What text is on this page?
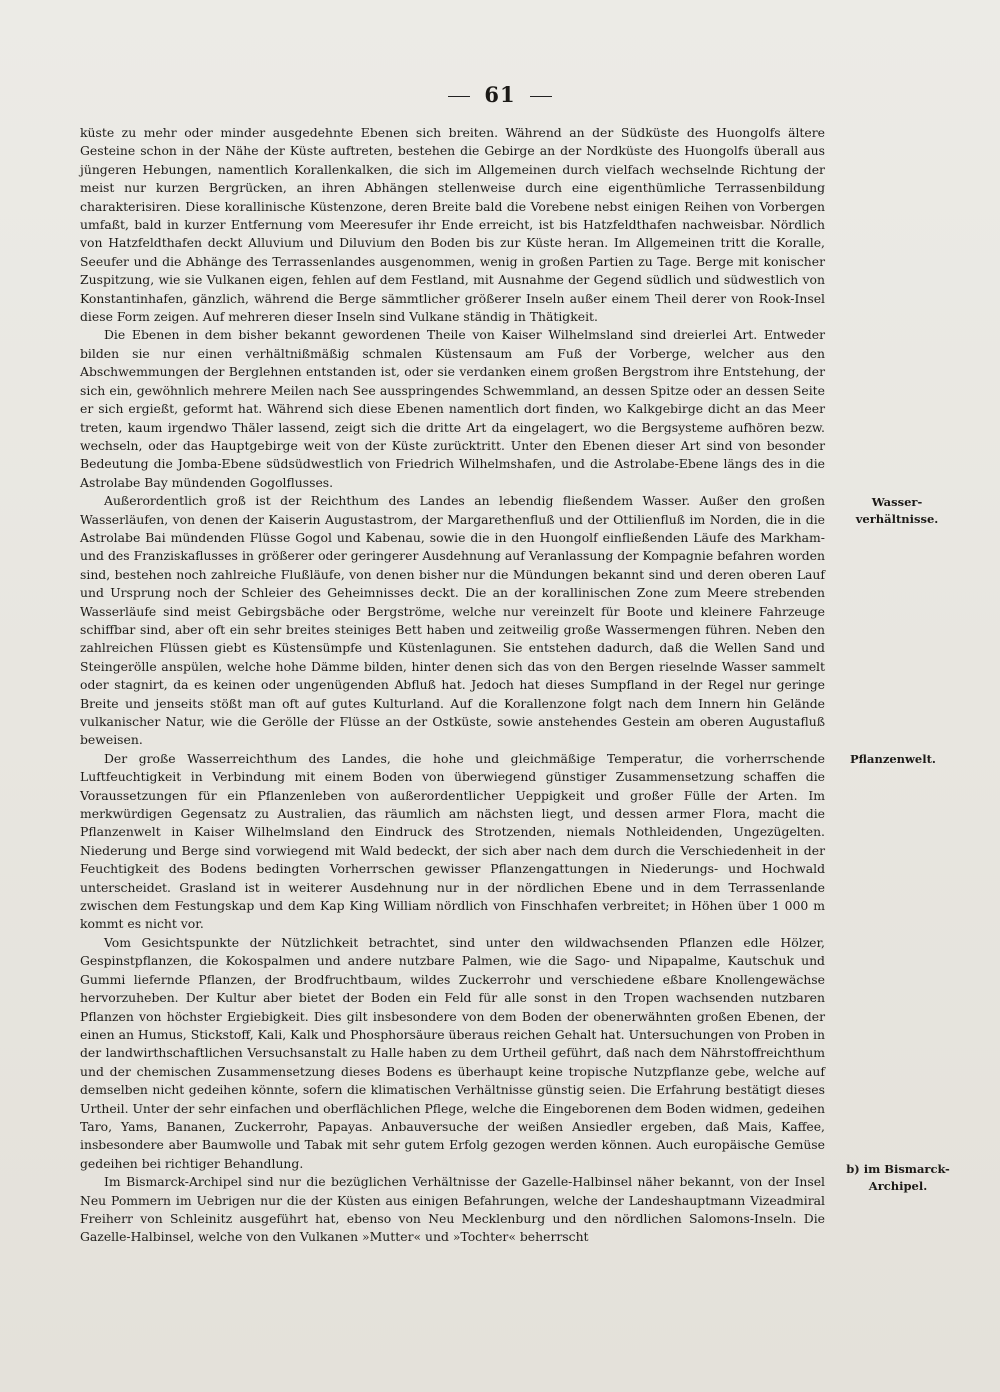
61

küste zu mehr oder minder ausgedehnte Ebenen sich breiten. Während an der Südküste des Huongolfs ältere Gesteine schon in der Nähe der Küste auftreten, bestehen die Gebirge an der Nordküste des Huongolfs überall aus jüngeren Hebungen, namentlich Korallenkalken, die sich im Allgemeinen durch vielfach wechselnde Richtung der meist nur kurzen Bergrücken, an ihren Abhängen stellenweise durch eine eigenthümliche Terrassenbildung charakterisiren. Diese korallinische Küstenzone, deren Breite bald die Vorebene nebst einigen Reihen von Vorbergen umfaßt, bald in kurzer Entfernung vom Meeresufer ihr Ende erreicht, ist bis Hatzfeldthafen nachweisbar. Nördlich von Hatzfeldthafen deckt Alluvium und Diluvium den Boden bis zur Küste heran. Im Allgemeinen tritt die Koralle, Seeufer und die Abhänge des Terrassenlandes ausgenommen, wenig in großen Partien zu Tage. Berge mit konischer Zuspitzung, wie sie Vulkanen eigen, fehlen auf dem Festland, mit Ausnahme der Gegend südlich und südwestlich von Konstantinhafen, gänzlich, während die Berge sämmtlicher größerer Inseln außer einem Theil derer von Rook-Insel diese Form zeigen. Auf mehreren dieser Inseln sind Vulkane ständig in Thätigkeit.

Die Ebenen in dem bisher bekannt gewordenen Theile von Kaiser Wilhelmsland sind dreierlei Art. Entweder bilden sie nur einen verhältnißmäßig schmalen Küstensaum am Fuß der Vorberge, welcher aus den Abschwemmungen der Berglehnen entstanden ist, oder sie verdanken einem großen Bergstrom ihre Entstehung, der sich ein, gewöhnlich mehrere Meilen nach See ausspringendes Schwemmland, an dessen Spitze oder an dessen Seite er sich ergießt, geformt hat. Während sich diese Ebenen namentlich dort finden, wo Kalkgebirge dicht an das Meer treten, kaum irgendwo Thäler lassend, zeigt sich die dritte Art da eingelagert, wo die Bergsysteme aufhören bezw. wechseln, oder das Hauptgebirge weit von der Küste zurücktritt. Unter den Ebenen dieser Art sind von besonder Bedeutung die Jomba-Ebene südsüdwestlich von Friedrich Wilhelmshafen, und die Astrolabe-Ebene längs des in die Astrolabe Bay mündenden Gogolflusses.

Außerordentlich groß ist der Reichthum des Landes an lebendig fließendem Wasser. Außer den großen Wasserläufen, von denen der Kaiserin Augustastrom, der Margarethenfluß und der Ottilienfluß im Norden, die in die Astrolabe Bai mündenden Flüsse Gogol und Kabenau, sowie die in den Huongolf einfließenden Läufe des Markham- und des Franziskaflusses in größerer oder geringerer Ausdehnung auf Veranlassung der Kompagnie befahren worden sind, bestehen noch zahlreiche Flußläufe, von denen bisher nur die Mündungen bekannt sind und deren oberen Lauf und Ursprung noch der Schleier des Geheimnisses deckt. Die an der korallinischen Zone zum Meere strebenden Wasserläufe sind meist Gebirgsbäche oder Bergströme, welche nur vereinzelt für Boote und kleinere Fahrzeuge schiffbar sind, aber oft ein sehr breites steiniges Bett haben und zeitweilig große Wassermengen führen. Neben den zahlreichen Flüssen giebt es Küstensümpfe und Küstenlagunen. Sie entstehen dadurch, daß die Wellen Sand und Steingerölle anspülen, welche hohe Dämme bilden, hinter denen sich das von den Bergen rieselnde Wasser sammelt oder stagnirt, da es keinen oder ungenügenden Abfluß hat. Jedoch hat dieses Sumpfland in der Regel nur geringe Breite und jenseits stößt man oft auf gutes Kulturland. Auf die Korallenzone folgt nach dem Innern hin Gelände vulkanischer Natur, wie die Gerölle der Flüsse an der Ostküste, sowie anstehendes Gestein am oberen Augustafluß beweisen.

Der große Wasserreichthum des Landes, die hohe und gleichmäßige Temperatur, die vorherrschende Luftfeuchtigkeit in Verbindung mit einem Boden von überwiegend günstiger Zusammensetzung schaffen die Voraussetzungen für ein Pflanzenleben von außerordentlicher Ueppigkeit und großer Fülle der Arten. Im merkwürdigen Gegensatz zu Australien, das räumlich am nächsten liegt, und dessen armer Flora, macht die Pflanzenwelt in Kaiser Wilhelmsland den Eindruck des Strotzenden, niemals Nothleidenden, Ungezügelten. Niederung und Berge sind vorwiegend mit Wald bedeckt, der sich aber nach dem durch die Verschiedenheit in der Feuchtigkeit des Bodens bedingten Vorherrschen gewisser Pflanzengattungen in Niederungs- und Hochwald unterscheidet. Grasland ist in weiterer Ausdehnung nur in der nördlichen Ebene und in dem Terrassenlande zwischen dem Festungskap und dem Kap King William nördlich von Finschhafen verbreitet; in Höhen über 1 000 m kommt es nicht vor.

Vom Gesichtspunkte der Nützlichkeit betrachtet, sind unter den wildwachsenden Pflanzen edle Hölzer, Gespinstpflanzen, die Kokospalmen und andere nutzbare Palmen, wie die Sago- und Nipapalme, Kautschuk und Gummi liefernde Pflanzen, der Brodfruchtbaum, wildes Zuckerrohr und verschiedene eßbare Knollengewächse hervorzuheben. Der Kultur aber bietet der Boden ein Feld für alle sonst in den Tropen wachsenden nutzbaren Pflanzen von höchster Ergiebigkeit. Dies gilt insbesondere von dem Boden der obenerwähnten großen Ebenen, der einen an Humus, Stickstoff, Kali, Kalk und Phosphorsäure überaus reichen Gehalt hat. Untersuchungen von Proben in der landwirthschaftlichen Versuchsanstalt zu Halle haben zu dem Urtheil geführt, daß nach dem Nährstoffreichthum und der chemischen Zusammensetzung dieses Bodens es überhaupt keine tropische Nutzpflanze gebe, welche auf demselben nicht gedeihen könnte, sofern die klimatischen Verhältnisse günstig seien. Die Erfahrung bestätigt dieses Urtheil. Unter der sehr einfachen und oberflächlichen Pflege, welche die Eingeborenen dem Boden widmen, gedeihen Taro, Yams, Bananen, Zuckerrohr, Papayas. Anbauversuche der weißen Ansiedler ergeben, daß Mais, Kaffee, insbesondere aber Baumwolle und Tabak mit sehr gutem Erfolg gezogen werden können. Auch europäische Gemüse gedeihen bei richtiger Behandlung.

Im Bismarck-Archipel sind nur die bezüglichen Verhältnisse der Gazelle-Halbinsel näher bekannt, von der Insel Neu Pommern im Uebrigen nur die der Küsten aus einigen Befahrungen, welche der Landeshauptmann Vizeadmiral Freiherr von Schleinitz ausgeführt hat, ebenso von Neu Mecklenburg und den nördlichen Salomons-Inseln. Die Gazelle-Halbinsel, welche von den Vulkanen »Mutter« und »Tochter« beherrscht

Wasser-
verhältnisse.
Pflanzenwelt.
b) im Bismarck-
Archipel.
